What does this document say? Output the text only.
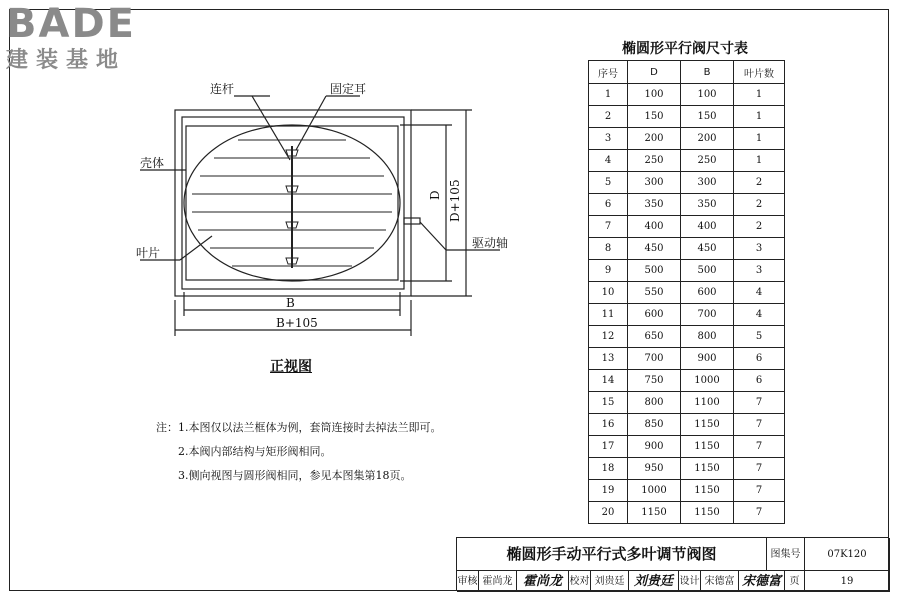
BADE
建装基地
连杆	固定耳
壳体
叶片
驱动轴
B
B+105
D D+105
正视图
注：1.本图仅以法兰框体为例，套筒连接时去掉法兰即可。
2.本阀内部结构与矩形阀相同。
3.侧向视图与圆形阀相同，参见本图集第18页。
椭圆形平行阀尺寸表
序号	D	B	叶片数
1	100	100	1
2	150	150	1
3	200	200	1
4	250	250	1
5	300	300	2
6	350	350	2
7	400	400	2
8	450	450	3
9	500	500	3
10	550	600	4
11	600	700	4
12	650	800	5
13	700	900	6
14	750	1000	6
15	800	1100	7
16	850	1150	7
17	900	1150	7
18	950	1150	7
19	1000	1150	7
20	1150	1150	7
椭圆形手动平行式多叶调节阀图	图集号	07K120
审核 霍尚龙 霍尚龙 校对 刘贵廷 刘贵廷 设计 宋德富 宋德富 页	19
